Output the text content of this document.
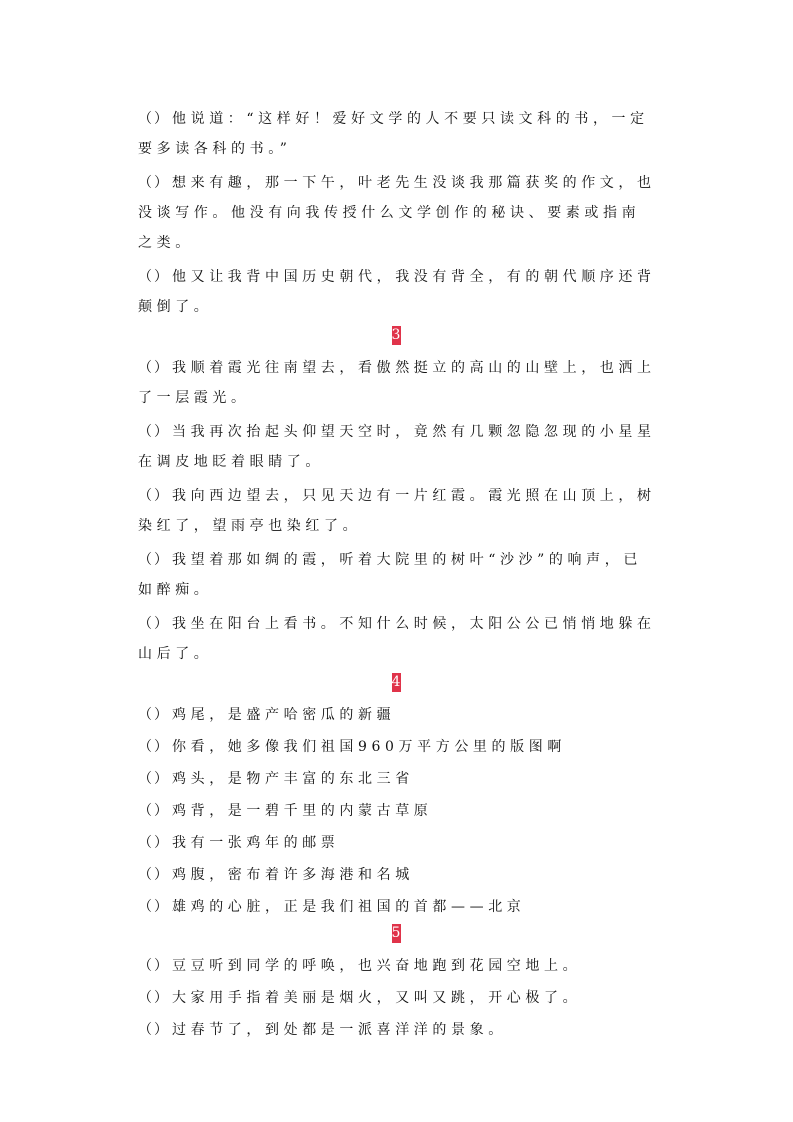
（） 他说道：“这样好！爱好文学的人不要只读文科的书，一定要多读各科的书。”

（） 想来有趣，那一下午，叶老先生没谈我那篇获奖的作文，也没谈写作。他没有向我传授什么文学创作的秘诀、要素或指南之类。

（） 他又让我背中国历史朝代，我没有背全，有的朝代顺序还背颠倒了。

3

（） 我顺着霞光往南望去，看傲然挺立的高山的山壁上，也洒上了一层霞光。

（） 当我再次抬起头仰望天空时，竟然有几颗忽隐忽现的小星星在调皮地眨着眼睛了。

（） 我向西边望去，只见天边有一片红霞。霞光照在山顶上，树染红了，望雨亭也染红了。

（） 我望着那如绸的霞，听着大院里的树叶“沙沙”的响声，已如醉痴。

（） 我坐在阳台上看书。不知什么时候，太阳公公已悄悄地躲在山后了。

4

（） 鸡尾，是盛产哈密瓜的新疆

（） 你看，她多像我们祖国960万平方公里的版图啊

（） 鸡头，是物产丰富的东北三省

（） 鸡背，是一碧千里的内蒙古草原

（） 我有一张鸡年的邮票

（） 鸡腹，密布着许多海港和名城

（） 雄鸡的心脏，正是我们祖国的首都——北京

5

（） 豆豆听到同学的呼唤，也兴奋地跑到花园空地上。

（） 大家用手指着美丽是烟火，又叫又跳，开心极了。

（） 过春节了，到处都是一派喜洋洋的景象。
